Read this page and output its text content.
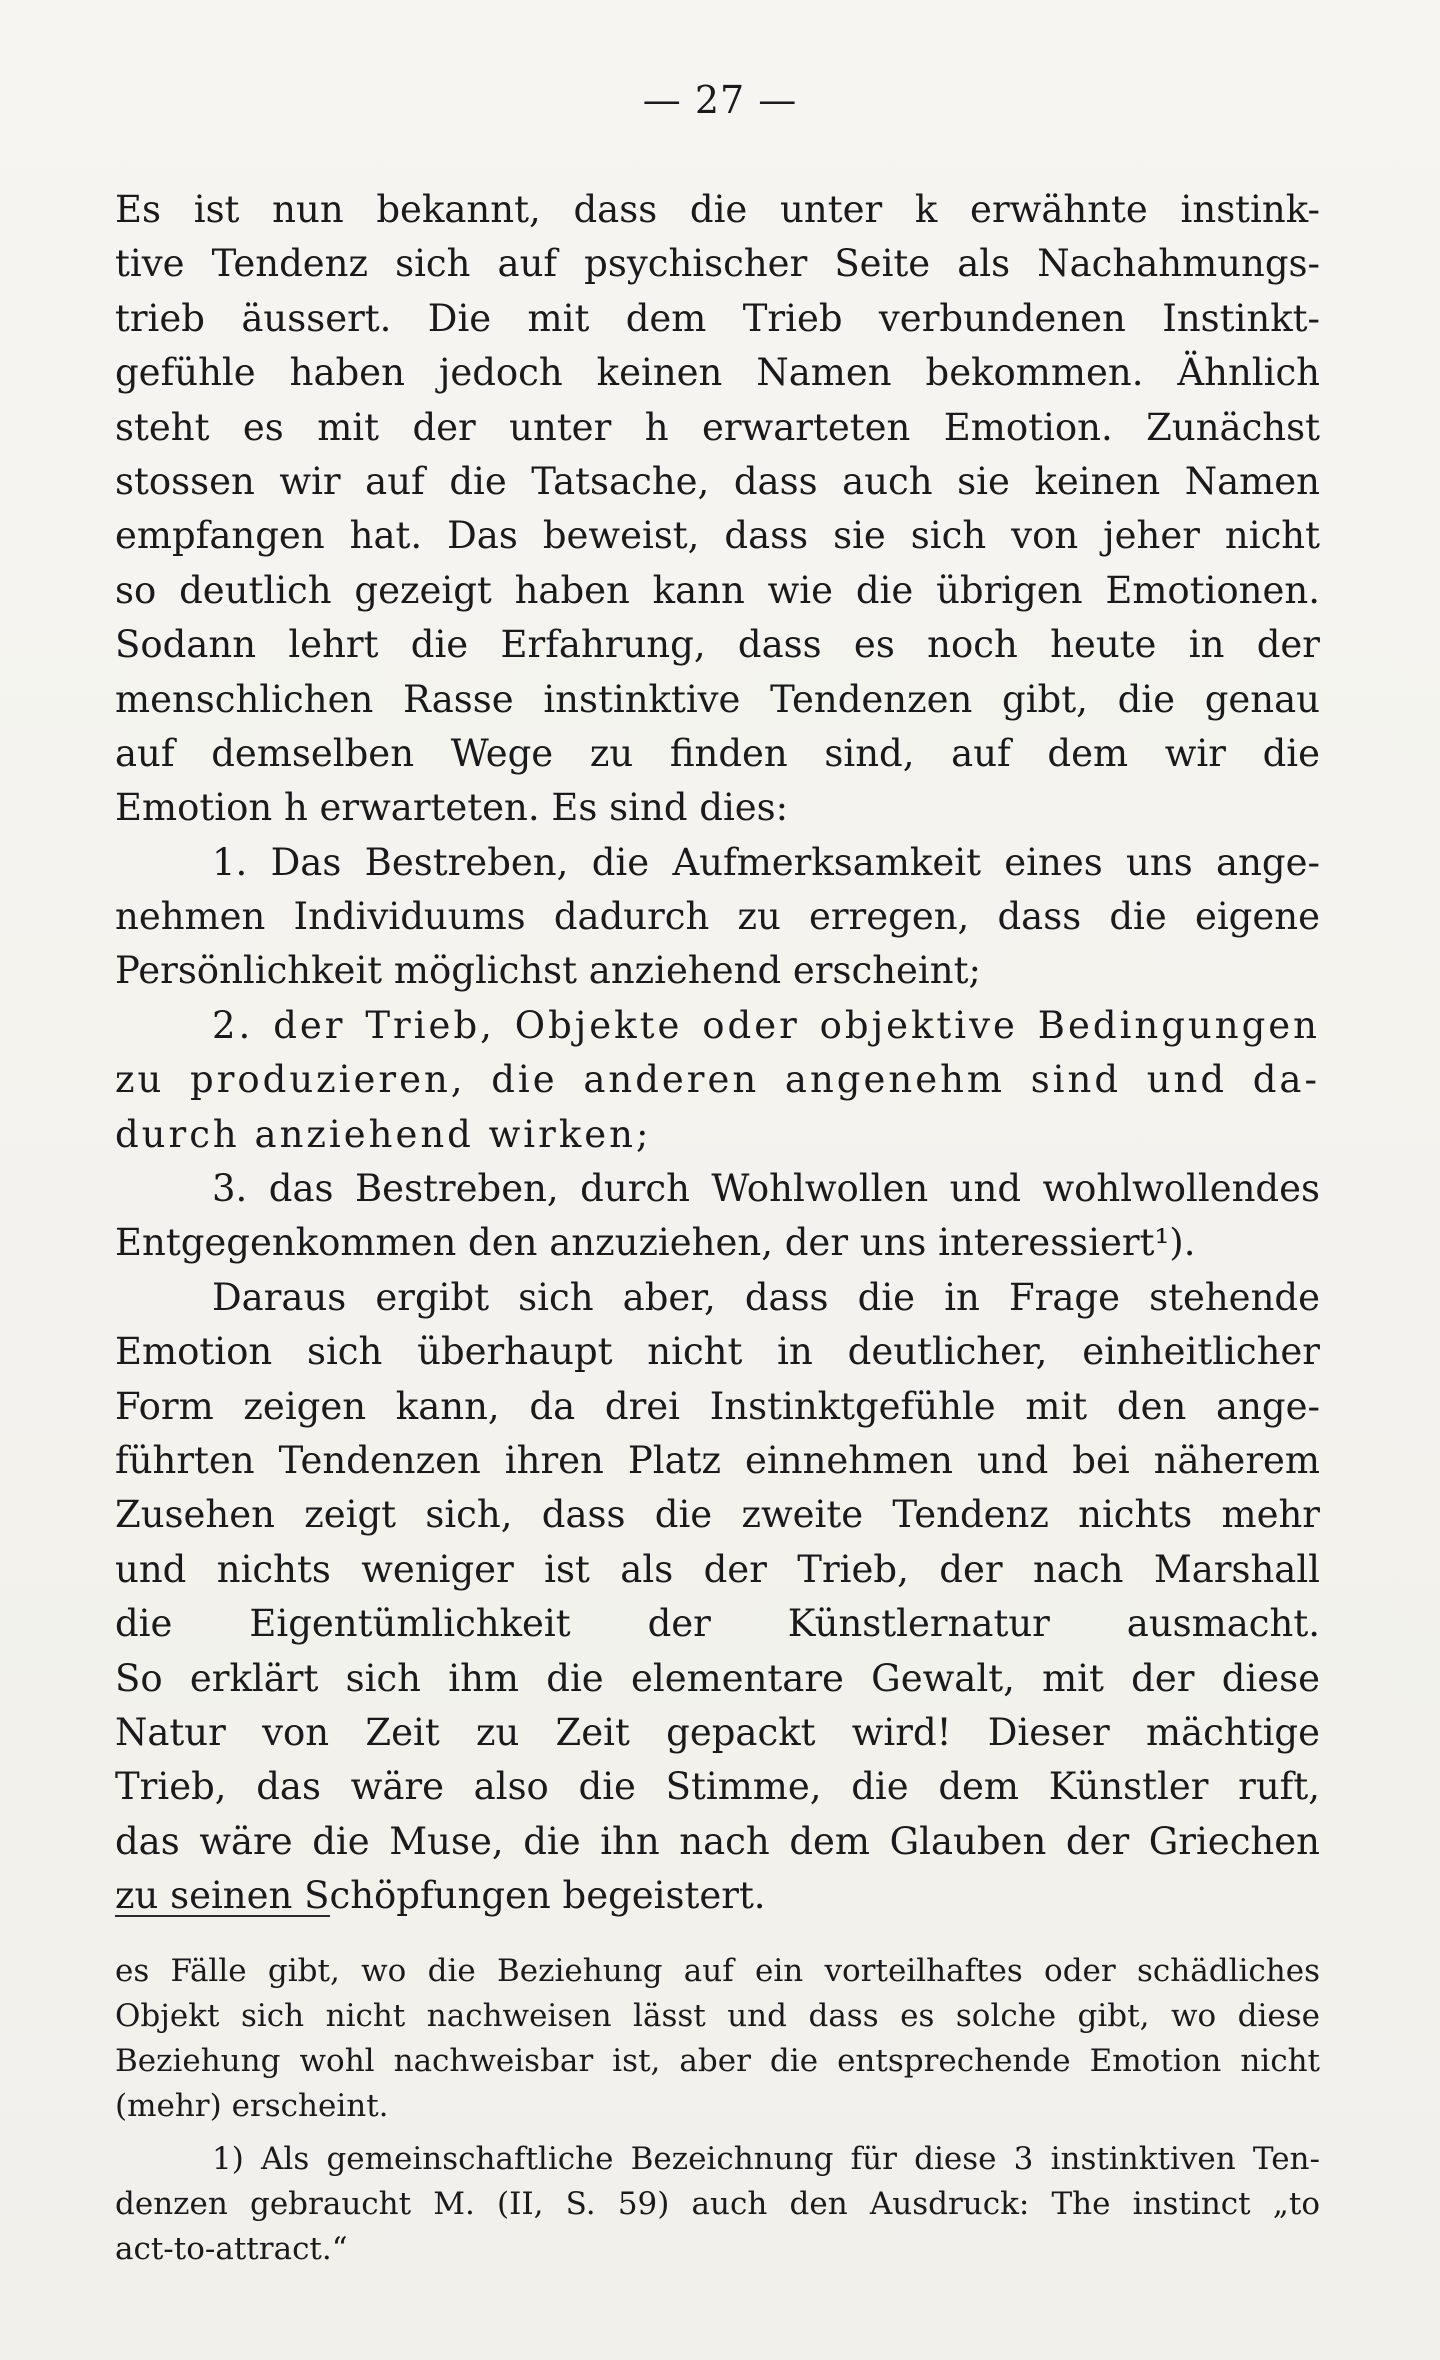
— 27 —
Es ist nun bekannt, dass die unter k erwähnte instink-
tive Tendenz sich auf psychischer Seite als Nachahmungs-
trieb äussert. Die mit dem Trieb verbundenen Instinkt-
gefühle haben jedoch keinen Namen bekommen. Ähnlich
steht es mit der unter h erwarteten Emotion. Zunächst
stossen wir auf die Tatsache, dass auch sie keinen Namen
empfangen hat. Das beweist, dass sie sich von jeher nicht
so deutlich gezeigt haben kann wie die übrigen Emotionen.
Sodann lehrt die Erfahrung, dass es noch heute in der
menschlichen Rasse instinktive Tendenzen gibt, die genau
auf demselben Wege zu finden sind, auf dem wir die
Emotion h erwarteten. Es sind dies:
1. Das Bestreben, die Aufmerksamkeit eines uns ange-
nehmen Individuums dadurch zu erregen, dass die eigene
Persönlichkeit möglichst anziehend erscheint;
2. der Trieb, Objekte oder objektive Bedingungen
zu produzieren, die anderen angenehm sind und da-
durch anziehend wirken;
3. das Bestreben, durch Wohlwollen und wohlwollendes
Entgegenkommen den anzuziehen, der uns interessiert¹).
Daraus ergibt sich aber, dass die in Frage stehende
Emotion sich überhaupt nicht in deutlicher, einheitlicher
Form zeigen kann, da drei Instinktgefühle mit den ange-
führten Tendenzen ihren Platz einnehmen und bei näherem
Zusehen zeigt sich, dass die zweite Tendenz nichts mehr
und nichts weniger ist als der Trieb, der nach Marshall
die Eigentümlichkeit der Künstlernatur ausmacht.
So erklärt sich ihm die elementare Gewalt, mit der diese
Natur von Zeit zu Zeit gepackt wird! Dieser mächtige
Trieb, das wäre also die Stimme, die dem Künstler ruft,
das wäre die Muse, die ihn nach dem Glauben der Griechen
zu seinen Schöpfungen begeistert.
es Fälle gibt, wo die Beziehung auf ein vorteilhaftes oder schädliches
Objekt sich nicht nachweisen lässt und dass es solche gibt, wo diese
Beziehung wohl nachweisbar ist, aber die entsprechende Emotion nicht
(mehr) erscheint.
1) Als gemeinschaftliche Bezeichnung für diese 3 instinktiven Ten-
denzen gebraucht M. (II, S. 59) auch den Ausdruck: The instinct „to
act-to-attract.“
